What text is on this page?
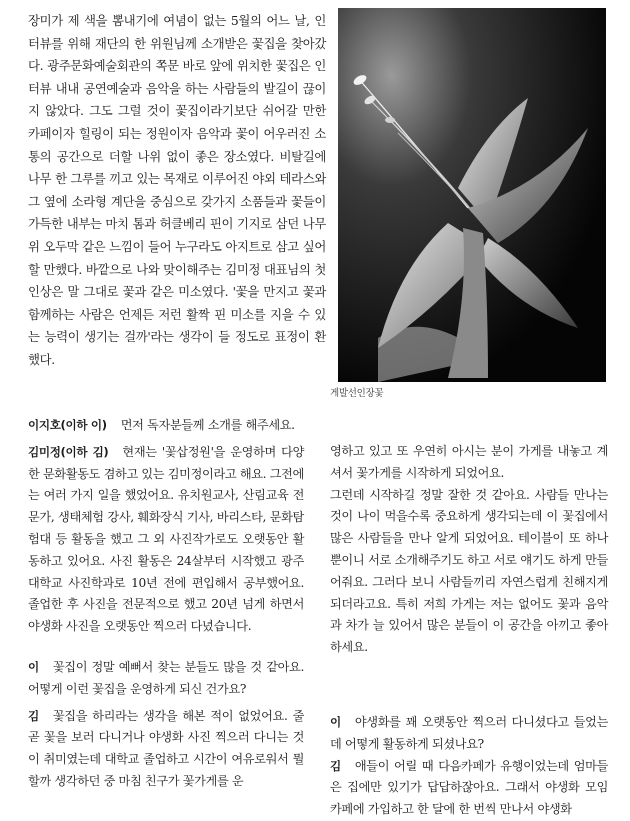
장미가 제 색을 뽐내기에 여념이 없는 5월의 어느 날, 인터뷰를 위해 재단의 한 위원님께 소개받은 꽃집을 찾아갔다. 광주문화예술회관의 쪽문 바로 앞에 위치한 꽃집은 인터뷰 내내 공연예술과 음악을 하는 사람들의 발길이 끊이지 않았다. 그도 그럴 것이 꽃집이라기보단 쉬어갈 만한 카페이자 힐링이 되는 정원이자 음악과 꽃이 어우러진 소통의 공간으로 더할 나위 없이 좋은 장소였다. 비탈길에 나무 한 그루를 끼고 있는 목재로 이루어진 야외 테라스와 그 옆에 소라형 계단을 중심으로 갖가지 소품들과 꽃들이 가득한 내부는 마치 톰과 허클베리 핀이 기지로 삼던 나무 위 오두막 같은 느낌이 들어 누구라도 아지트로 삼고 싶어할 만했다. 바깥으로 나와 맞이해주는 김미정 대표님의 첫인상은 말 그대로 꽃과 같은 미소였다. '꽃을 만지고 꽃과 함께하는 사람은 언제든 저런 활짝 핀 미소를 지을 수 있는 능력이 생기는 걸까'라는 생각이 들 정도로 표정이 환했다.
게발선인장꽃

이지호(이하 이) 먼저 독자분들께 소개를 해주세요.

김미정(이하 김) 현재는 '꽃삽정원'을 운영하며 다양한 문화활동도 겸하고 있는 김미정이라고 해요. 그전에는 여러 가지 일을 했었어요. 유치원교사, 산림교육 전문가, 생태체험 강사, 훼화장식 기사, 바리스타, 문화탐험대 등 활동을 했고 그 외 사진작가로도 오랫동안 활동하고 있어요. 사진 활동은 24살부터 시작했고 광주대학교 사진학과로 10년 전에 편입해서 공부했어요. 졸업한 후 사진을 전문적으로 했고 20년 넘게 하면서 야생화 사진을 오랫동안 찍으러 다녔습니다.

이 꽃집이 정말 예뻐서 찾는 분들도 많을 것 같아요. 어떻게 이런 꽃집을 운영하게 되신 건가요?

김 꽃집을 하리라는 생각을 해본 적이 없었어요. 줄 곧 꽃을 보러 다니거나 야생화 사진 찍으러 다니는 것이 취미였는데 대학교 졸업하고 시간이 여유로워서 뭘 할까 생각하던 중 마침 친구가 꽃가게를 운

영하고 있고 또 우연히 아시는 분이 가게를 내놓고 계셔서 꽃가게를 시작하게 되었어요.

그런데 시작하길 정말 잘한 것 같아요. 사람들 만나는 것이 나이 먹을수록 중요하게 생각되는데 이 꽃집에서 많은 사람들을 만나 알게 되었어요. 테이블이 또 하나뿐이니 서로 소개해주기도 하고 서로 얘기도 하게 만들어줘요. 그러다 보니 사람들끼리 자연스럽게 친해지게 되더라고요. 특히 저희 가게는 저는 없어도 꽃과 음악과 차가 늘 있어서 많은 분들이 이 공간을 아끼고 좋아하세요.

이 야생화를 꽤 오랫동안 찍으러 다니셨다고 들었는데 어떻게 활동하게 되셨나요?

김 애들이 어릴 때 다음카페가 유행이었는데 엄마들은 집에만 있기가 답답하잖아요. 그래서 야생화 모임 카페에 가입하고 한 달에 한 번씩 만나서 야생화
